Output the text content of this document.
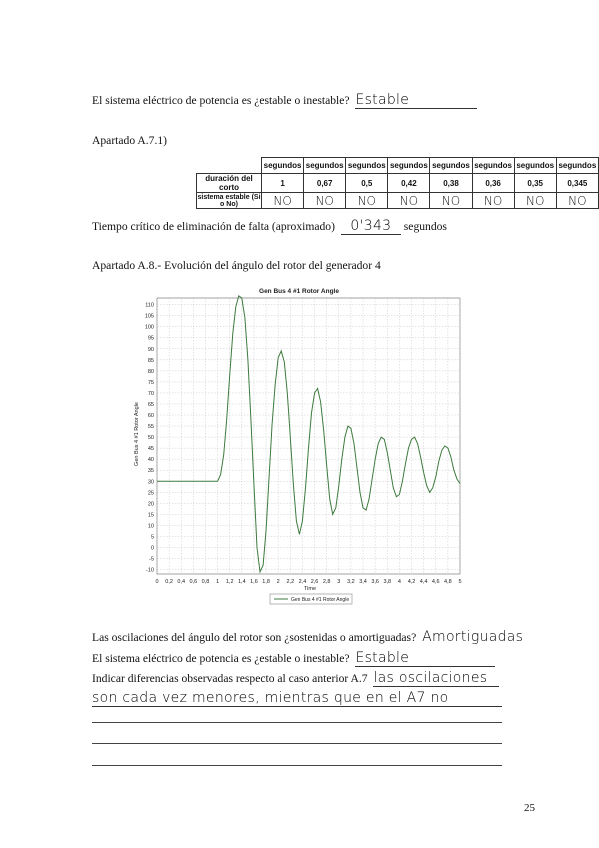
El sistema eléctrico de potencia es ¿estable o inestable? Estable
Apartado A.7.1)
	segundos	segundos	segundos	segundos	segundos	segundos	segundos	segundos
duración del corto	1	0,67	0,5	0,42	0,38	0,36	0,35	0,345
sistema estable (Si o No)	NO	NO	NO	NO	NO	NO	NO	NO
Tiempo crítico de eliminación de falta (aproximado) 0'343 segundos
Apartado A.8.- Evolución del ángulo del rotor del generador 4
Gen Bus 4 #1 Rotor Angle
110
105
100
95
90
85
80
75
70
65
60
55
50
45
40
35
30
25
20
15
10
5
0
-5
-10
0 0,2 0,4 0,6 0,8 1 1,2 1,4 1,6 1,8 2 2,2 2,4 2,6 2,8 3 3,2 3,4 3,6 3,8 4 4,2 4,4 4,6 4,8 5
Gen Bus 4 #1 Rotor Angle
Time
Gen Bus 4 #1 Rotor Angle
Las oscilaciones del ángulo del rotor son ¿sostenidas o amortiguadas? Amortiguadas
El sistema eléctrico de potencia es ¿estable o inestable? Estable
Indicar diferencias observadas respecto al caso anterior A.7 las oscilaciones
son cada vez menores, mientras que en el A7 no
25
